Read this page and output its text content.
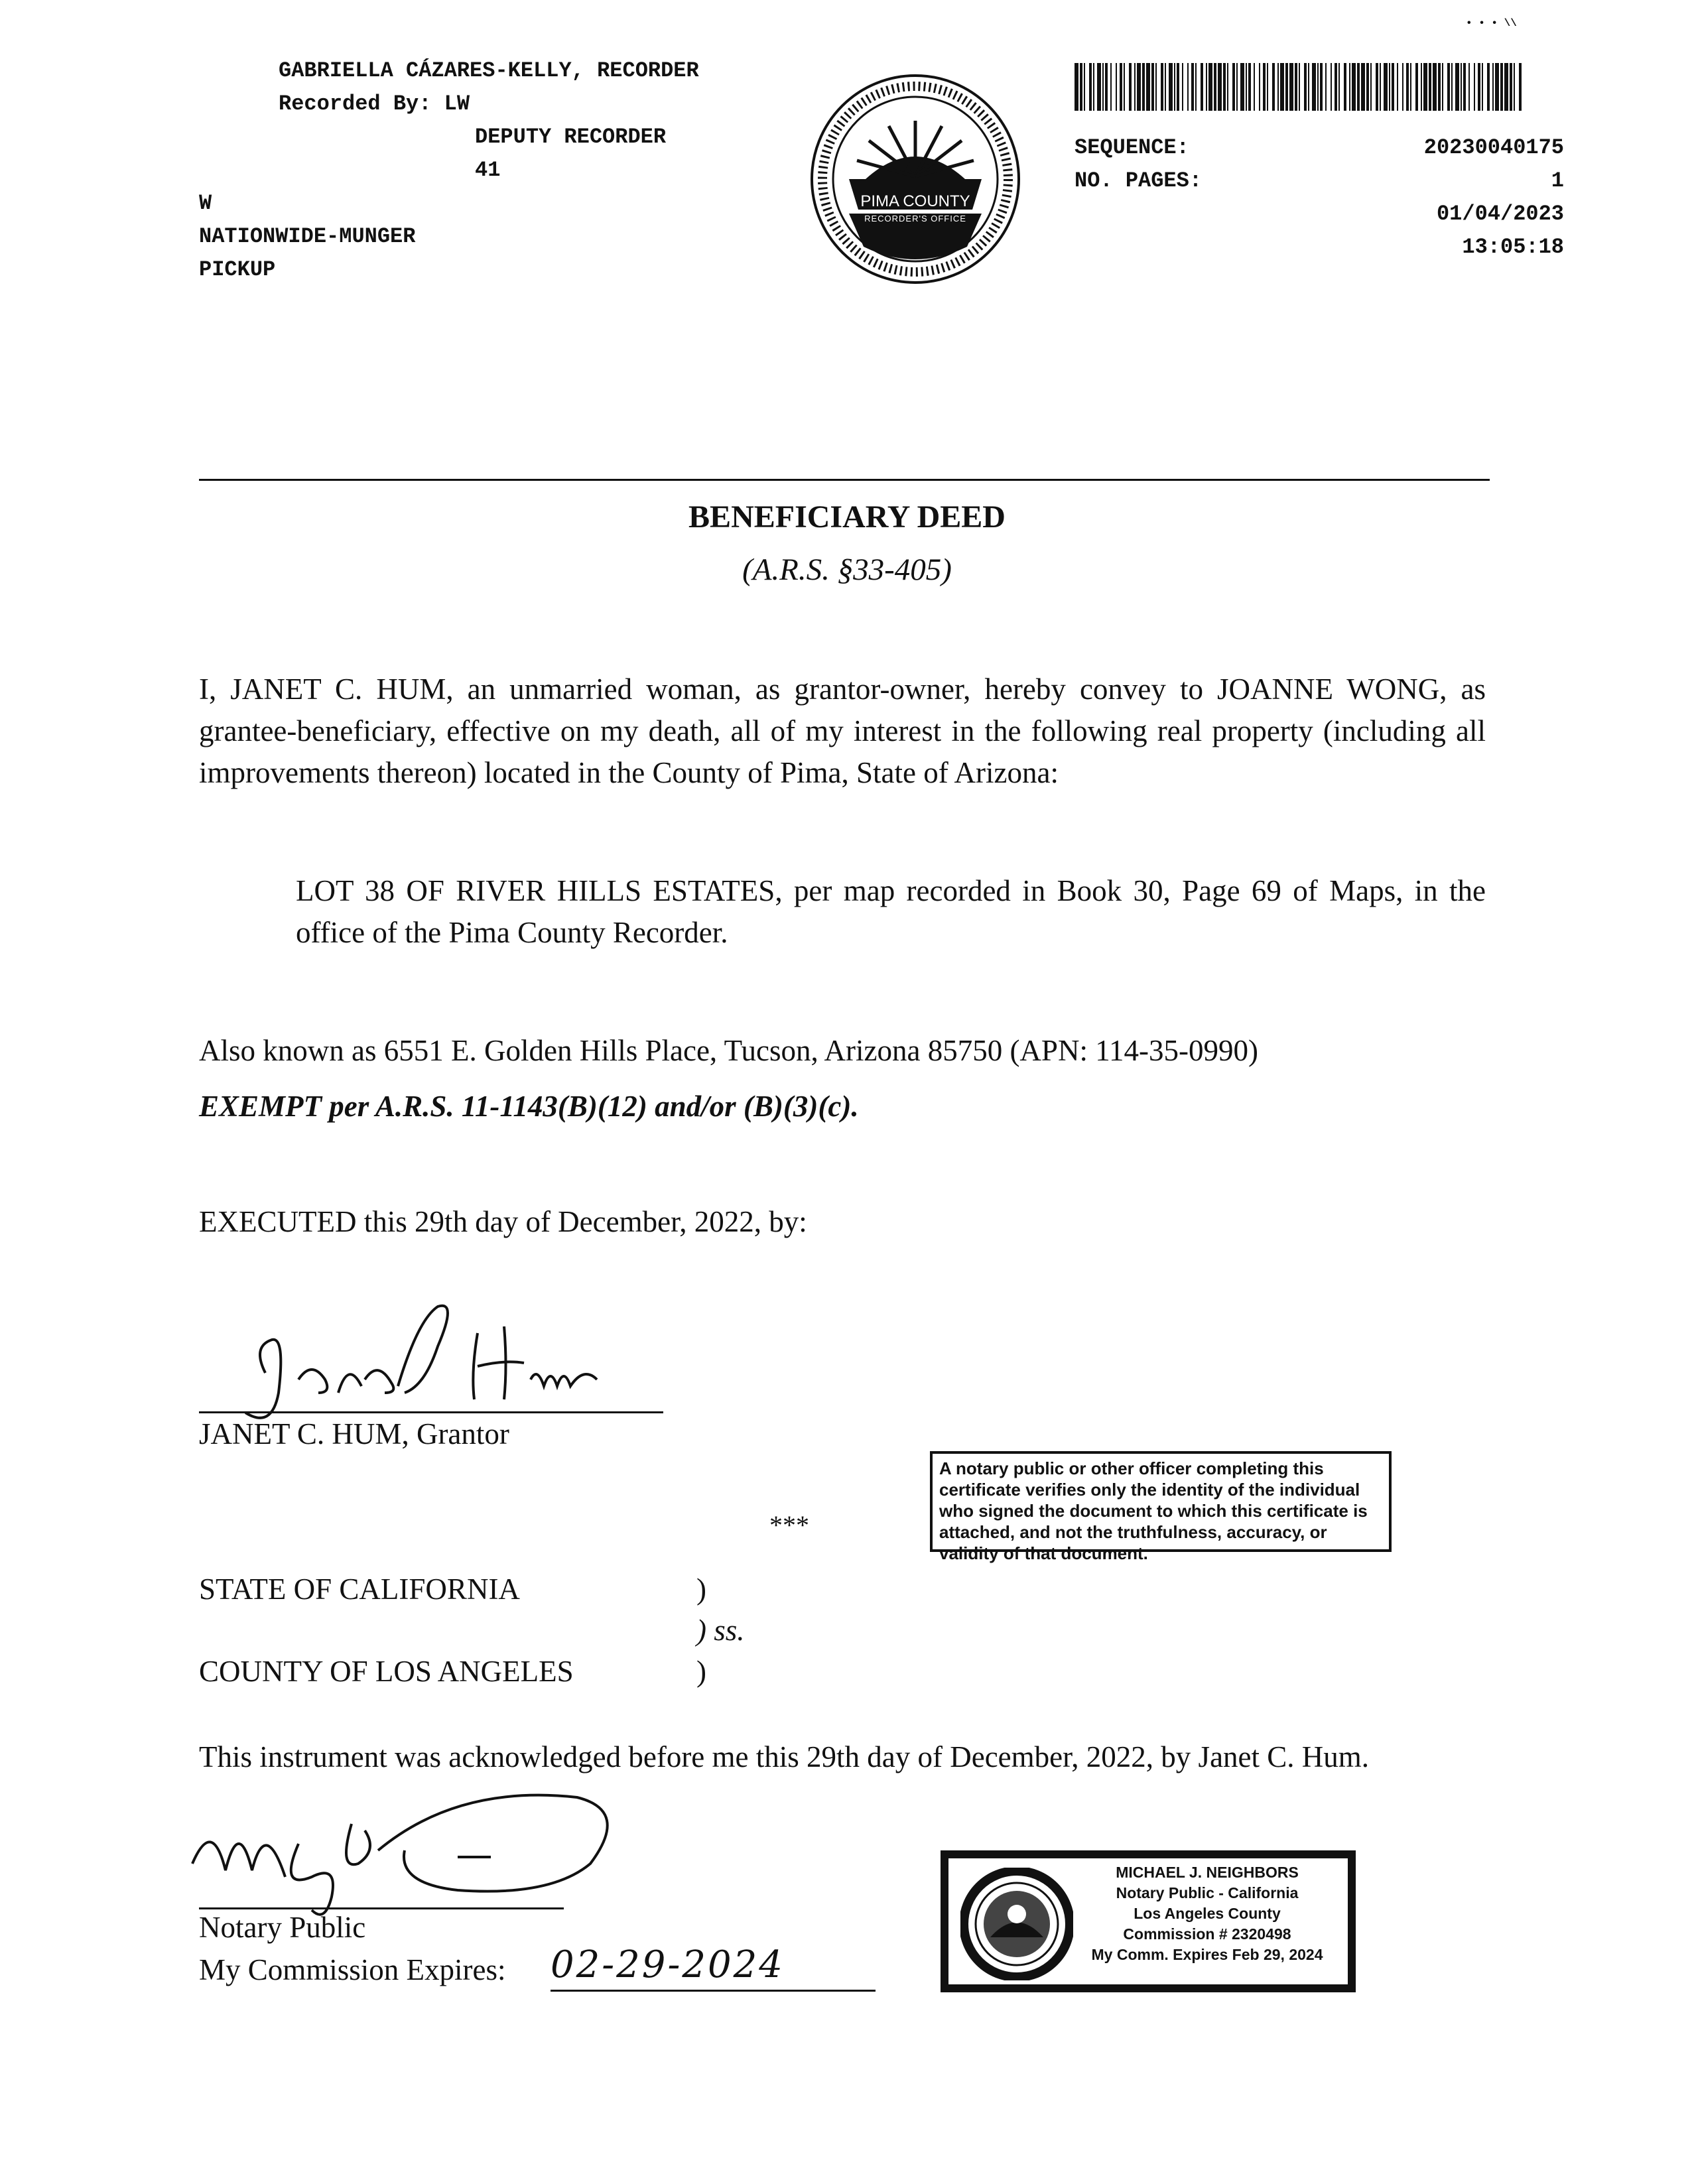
GABRIELLA CÁZARES-KELLY, RECORDER
Recorded By: LW
DEPUTY RECORDER
41
W
NATIONWIDE-MUNGER
PICKUP
PIMA COUNTY
RECORDER'S OFFICE
• • • \\
SEQUENCE:
NO. PAGES:
20230040175
1
01/04/2023
13:05:18
BENEFICIARY DEED
(A.R.S. §33-405)
I, JANET C. HUM, an unmarried woman, as grantor-owner, hereby convey to JOANNE WONG, as grantee-beneficiary, effective on my death, all of my interest in the following real property (including all improvements thereon) located in the County of Pima, State of Arizona:
LOT 38 OF RIVER HILLS ESTATES, per map recorded in Book 30, Page 69 of Maps, in the office of the Pima County Recorder.
Also known as 6551 E. Golden Hills Place, Tucson, Arizona 85750 (APN: 114-35-0990)
EXEMPT per A.R.S. 11-1143(B)(12) and/or (B)(3)(c).
EXECUTED this 29th day of December, 2022, by:
JANET C. HUM, Grantor
A notary public or other officer completing this certificate verifies only the identity of the individual who signed the document to which this certificate is attached, and not the truthfulness, accuracy, or validity of that document.
***
STATE OF CALIFORNIA	)
) ss.
COUNTY OF LOS ANGELES	)
This instrument was acknowledged before me this 29th day of December, 2022, by Janet C. Hum.
Notary Public
My Commission Expires: 02-29-2024
MICHAEL J. NEIGHBORS
Notary Public - California
Los Angeles County
Commission # 2320498
My Comm. Expires Feb 29, 2024
